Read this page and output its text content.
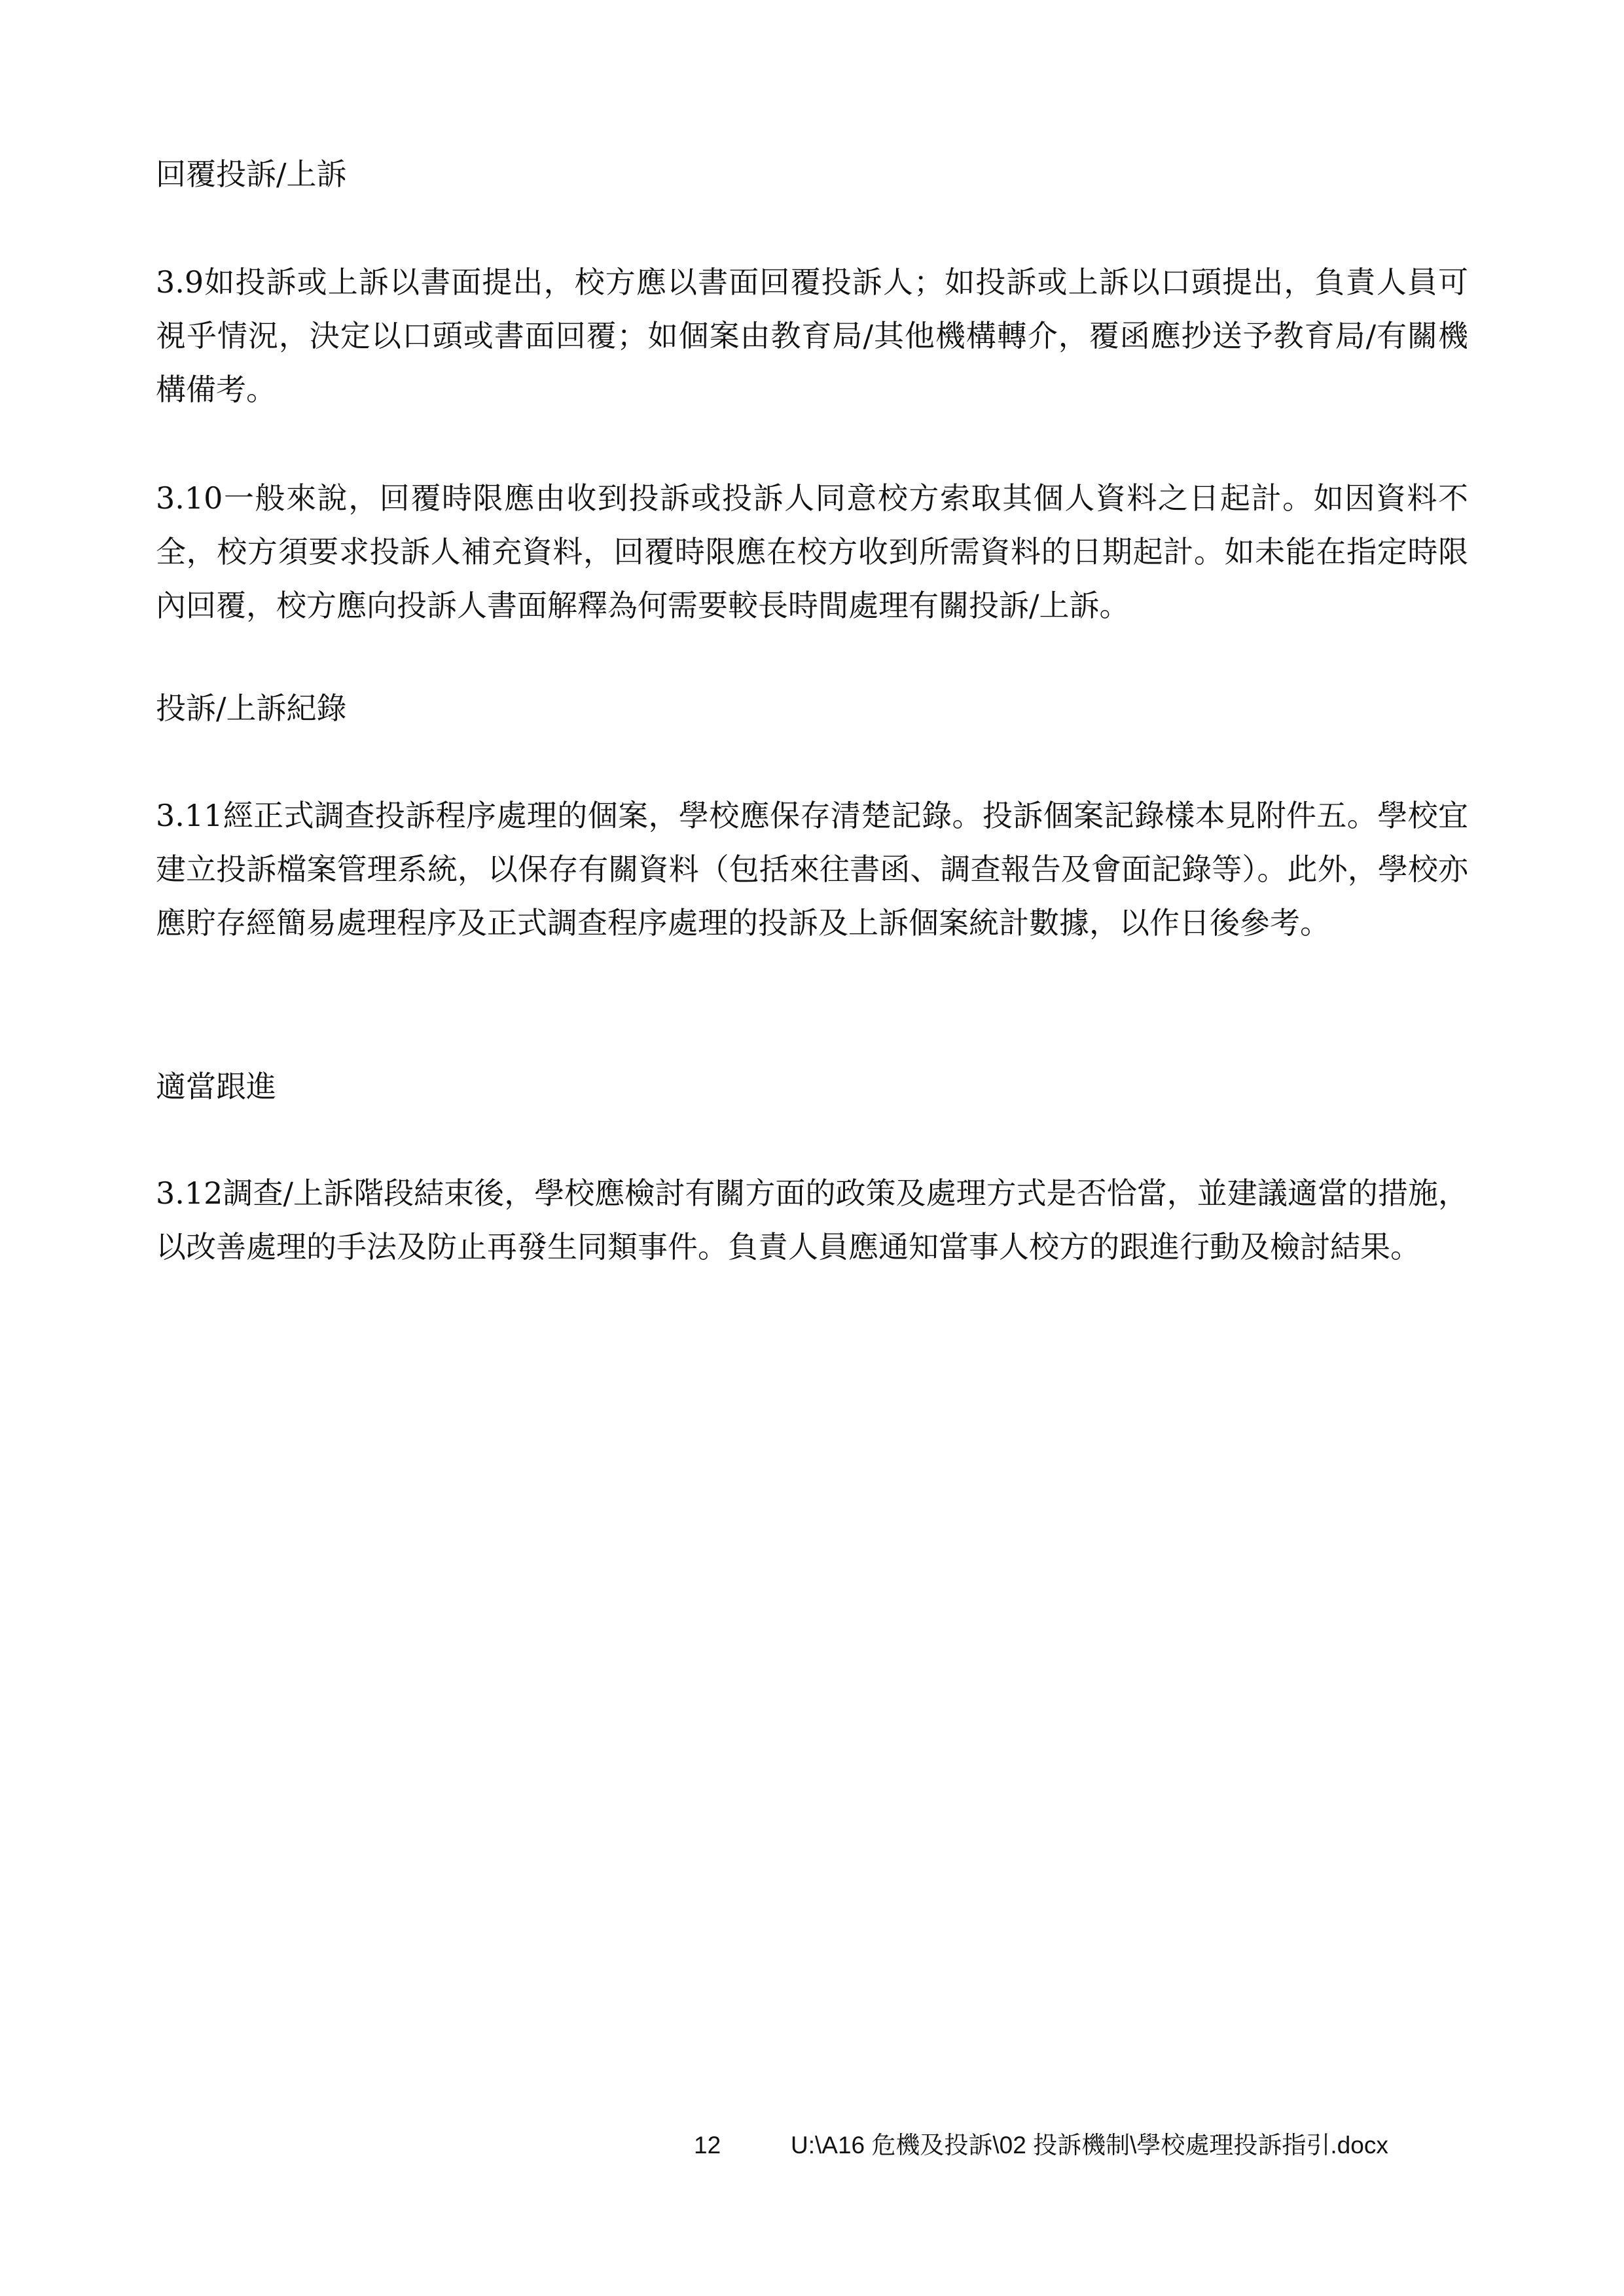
回覆投訴/上訴

3.9如投訴或上訴以書面提出，校方應以書面回覆投訴人；如投訴或上訴以口頭提出，負責人員可視乎情況，決定以口頭或書面回覆；如個案由教育局/其他機構轉介，覆函應抄送予教育局/有關機構備考。

3.10一般來說，回覆時限應由收到投訴或投訴人同意校方索取其個人資料之日起計。如因資料不全，校方須要求投訴人補充資料，回覆時限應在校方收到所需資料的日期起計。如未能在指定時限內回覆，校方應向投訴人書面解釋為何需要較長時間處理有關投訴/上訴。

投訴/上訴紀錄

3.11經正式調查投訴程序處理的個案，學校應保存清楚記錄。投訴個案記錄樣本見附件五。學校宜建立投訴檔案管理系統，以保存有關資料（包括來往書函、調查報告及會面記錄等）。此外，學校亦應貯存經簡易處理程序及正式調查程序處理的投訴及上訴個案統計數據，以作日後參考。

適當跟進

3.12調查/上訴階段結束後，學校應檢討有關方面的政策及處理方式是否恰當，並建議適當的措施，以改善處理的手法及防止再發生同類事件。負責人員應通知當事人校方的跟進行動及檢討結果。

12	U:\A16 危機及投訴\02 投訴機制\學校處理投訴指引.docx
